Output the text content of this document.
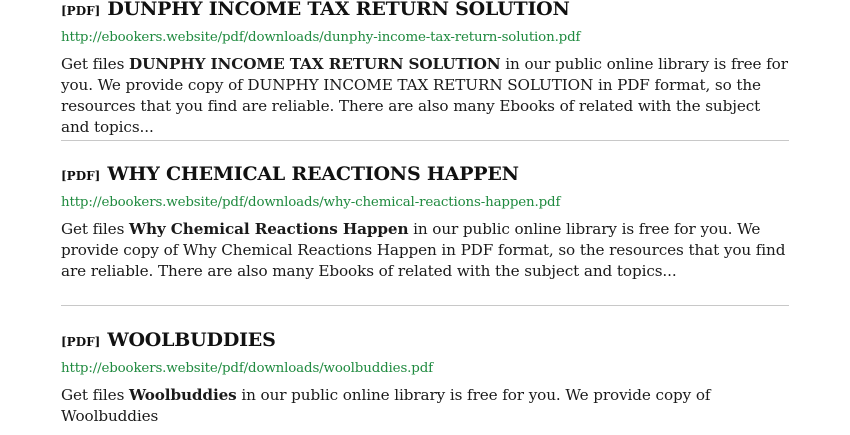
[PDF] DUNPHY INCOME TAX RETURN SOLUTION
http://ebookers.website/pdf/downloads/dunphy-income-tax-return-solution.pdf
Get files DUNPHY INCOME TAX RETURN SOLUTION in our public online library is free for you. We provide copy of DUNPHY INCOME TAX RETURN SOLUTION in PDF format, so the resources that you find are reliable. There are also many Ebooks of related with the subject and topics...
[PDF] WHY CHEMICAL REACTIONS HAPPEN
http://ebookers.website/pdf/downloads/why-chemical-reactions-happen.pdf
Get files Why Chemical Reactions Happen in our public online library is free for you. We provide copy of Why Chemical Reactions Happen in PDF format, so the resources that you find are reliable. There are also many Ebooks of related with the subject and topics...
[PDF] WOOLBUDDIES
http://ebookers.website/pdf/downloads/woolbuddies.pdf
Get files Woolbuddies in our public online library is free for you. We provide copy of Woolbuddies
